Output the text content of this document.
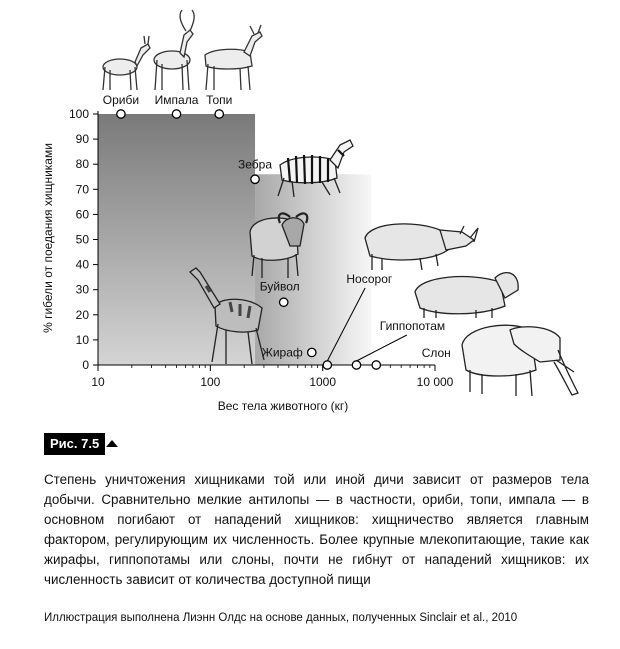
0
10
20
30
40
50
60
70
80
90
100
10	100	1000	10 000
% гибели от поедания хищниками
Вес тела животного (кг)
Ориби Импала Топи
Зебра
Буйвол
Жираф
Носорог
Гиппопотам
Слон
Рис. 7.5
Степень уничтожения хищниками той или иной дичи зависит от размеров тела добычи. Сравнительно мелкие антилопы — в частности, ориби, топи, импала — в основном погибают от нападений хищников: хищничество является главным фактором, регулирующим их численность. Более крупные млекопитающие, такие как жирафы, гиппопотамы или слоны, почти не гибнут от нападений хищников: их численность зависит от количества доступной пищи
Иллюстрация выполнена Лиэнн Олдс на основе данных, полученных Sinclair et al., 2010
